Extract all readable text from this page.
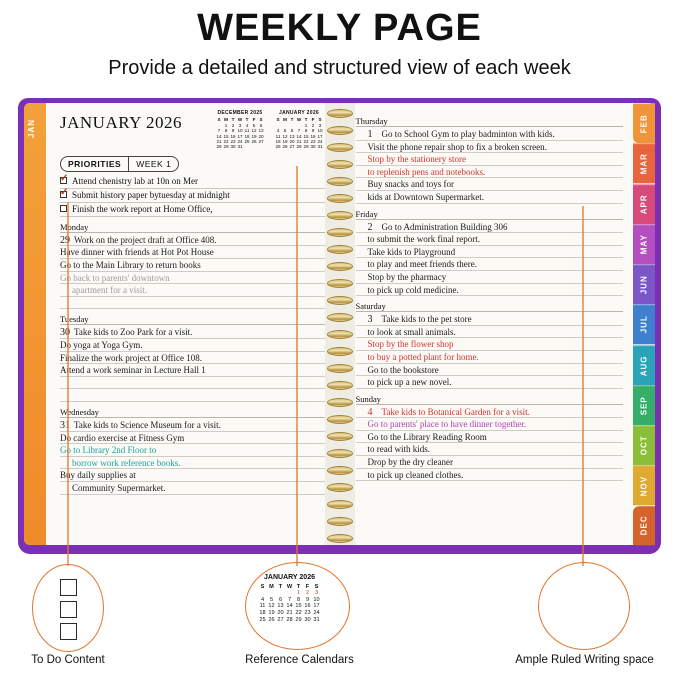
WEEKLY PAGE
Provide a detailed and structured view of each week
JAN	FEB
MAR
APR
MAY
JUN
JUL
AUG
SEP
OCT
NOV
DEC
JANUARY 2026	DECEMBER 2025
S	M	T	W	T	F	S
	1	2	3	4	5	6
7	8	9	10	11	12	13
14	15	16	17	18	19	20
21	22	23	24	25	26	27
28	29	30	31			
JANUARY 2026
S	M	T	W	T	F	S
				1	2	3
4	5	6	7	8	9	10
11	12	13	14	15	16	17
18	19	20	21	22	23	24
25	26	27	28	29	30	31
PRIORITIES	WEEK 1
✓
Attend chenistry lab at 10n on Mer
✓
Submit history paper bytuesday at midnight
Finish the work report at Home Office,
Monday
29 Work on the project draft at Office 408.
Have dinner with friends at Hot Pot House
Go to the Main Library to return books
Go back to parents' downtown
apartment for a visit.
Tuesday
30 Take kids to Zoo Park for a visit.
Do yoga at Yoga Gym.
Finalize the work project at Office 108.
Attend a work seminar in Lecture Hall 1
Wednesday
31 Take kids to Science Museum for a visit.
Do cardio exercise at Fitness Gym
Go to Library 2nd Floor to
borrow work reference books.
Buy daily supplies at
Community Supermarket.
Thursday
1 Go to School Gym to play badminton with kids.
Visit the phone repair shop to fix a broken screen.
Stop by the stationery store
to replenish pens and notebooks.
Buy snacks and toys for
kids at Downtown Supermarket.
Friday
2 Go to Administration Building 306
to submit the work final report.
Take kids to Playground
to play and meet friends there.
Stop by the pharmacy
to pick up cold medicine.
Saturday
3 Take kids to the pet store
to look at small animals.
Stop by the flower shop
to buy a potted plant for home.
Go to the bookstore
to pick up a new novel.
Sunday
4 Take kids to Botanical Garden for a visit.
Go to parents' place to have dinner together.
Go to the Library Reading Room
to read with kids.
Drop by the dry cleaner
to pick up cleaned clothes.
To Do Content
JANUARY 2026
S	M	T	W	T	F	S
				1	2	3
4	5	6	7	8	9	10
11	12	13	14	15	16	17
18	19	20	21	22	23	24
25	26	27	28	29	30	31
Reference Calendars	Ample Ruled Writing space
